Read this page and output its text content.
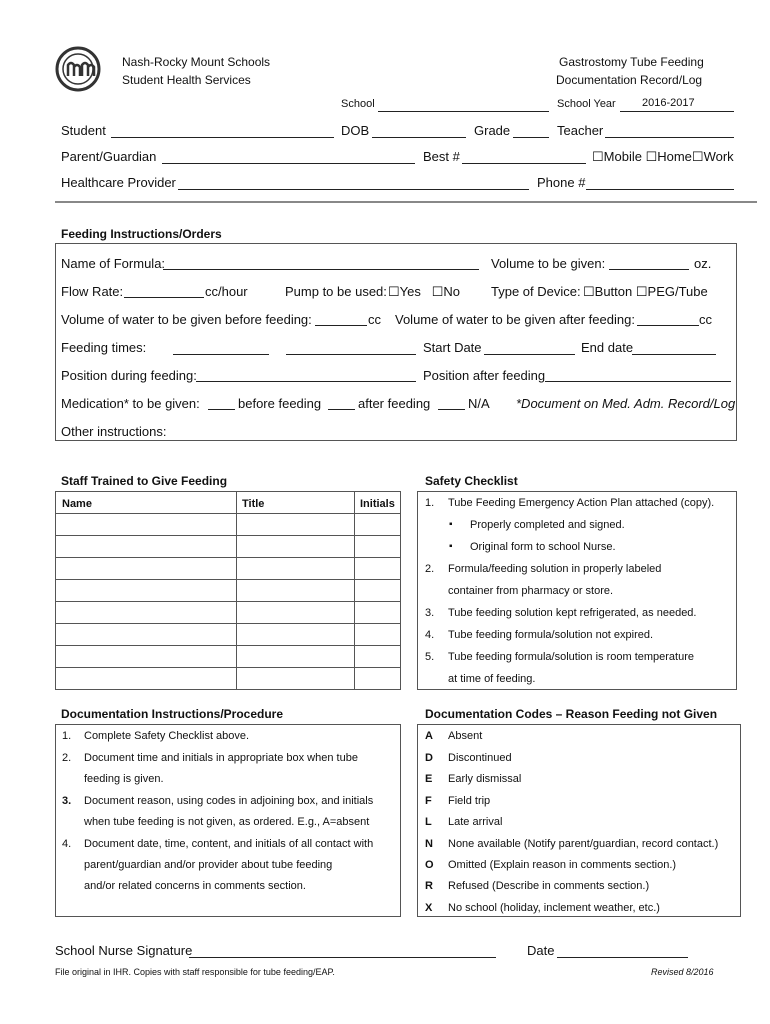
Nash-Rocky Mount Schools
Student Health Services
Gastrostomy Tube Feeding
Documentation Record/Log
School	School Year 2016-2017
Student	DOB	Grade	Teacher
Parent/Guardian	Best #	☐Mobile ☐Home☐Work
Healthcare Provider	Phone #
Feeding Instructions/Orders
Name of Formula:	Volume to be given:	oz.
Flow Rate:	cc/hour	Pump to be used: ☐Yes ☐No Type of Device: ☐Button ☐PEG/Tube
Volume of water to be given before feeding:	cc Volume of water to be given after feeding:	cc
Feeding times:	Start Date	End date
Position during feeding:	Position after feeding
Medication* to be given:	before feeding	after feeding	N/A *Document on Med. Adm. Record/Log
Other instructions:
Staff Trained to Give Feeding
Name	Title	Initials
Safety Checklist
1. Tube Feeding Emergency Action Plan attached (copy).
▪ Properly completed and signed.
▪ Original form to school Nurse.
2. Formula/feeding solution in properly labeled
container from pharmacy or store.
3. Tube feeding solution kept refrigerated, as needed.
4. Tube feeding formula/solution not expired.
5. Tube feeding formula/solution is room temperature
at time of feeding.
Documentation Instructions/Procedure
1. Complete Safety Checklist above.
2. Document time and initials in appropriate box when tube
feeding is given.
3. Document reason, using codes in adjoining box, and initials
when tube feeding is not given, as ordered. E.g., A=absent
4. Document date, time, content, and initials of all contact with
parent/guardian and/or provider about tube feeding
and/or related concerns in comments section.
Documentation Codes – Reason Feeding not Given
A Absent
D Discontinued
E Early dismissal
F Field trip
L Late arrival
N None available (Notify parent/guardian, record contact.)
O Omitted (Explain reason in comments section.)
R Refused (Describe in comments section.)
X No school (holiday, inclement weather, etc.)
School Nurse Signature	Date
File original in IHR. Copies with staff responsible for tube feeding/EAP.	Revised 8/2016
